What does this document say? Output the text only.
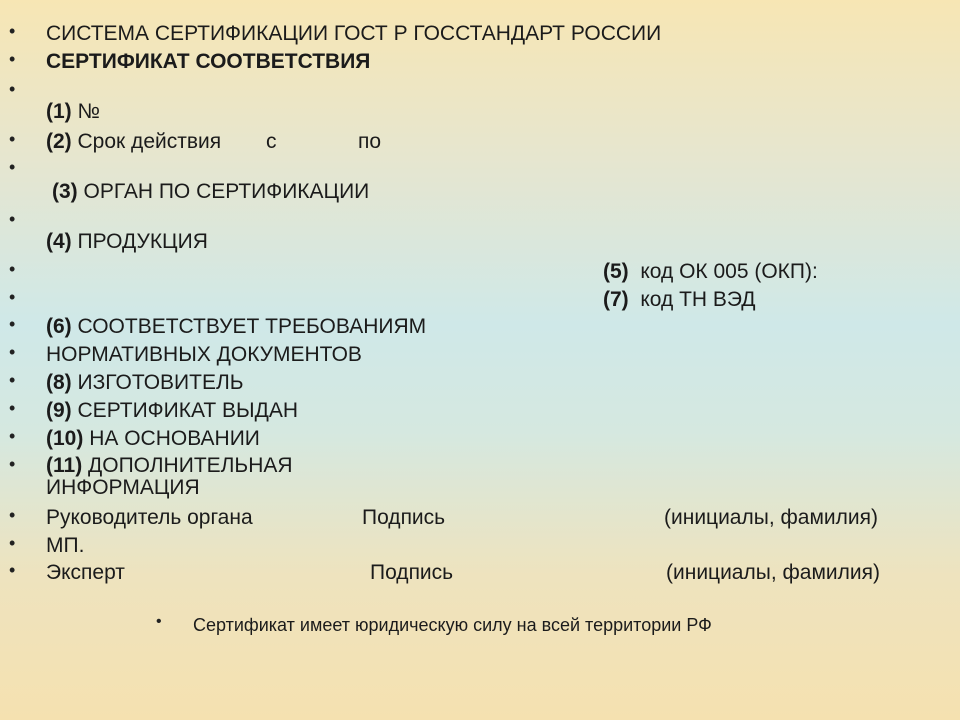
• СИСТЕМА СЕРТИФИКАЦИИ ГОСТ Р ГОССТАНДАРТ РОССИИ
• СЕРТИФИКАТ СООТВЕТСТВИЯ
•
(1) №
• (2) Срок действия с	по
•
(3) ОРГАН ПО СЕРТИФИКАЦИИ
•
(4) ПРОДУКЦИЯ
•	(5) код ОК 005 (ОКП):
•	(7) код ТН ВЭД
• (6) СООТВЕТСТВУЕТ ТРЕБОВАНИЯМ
• НОРМАТИВНЫХ ДОКУМЕНТОВ
• (8) ИЗГОТОВИТЕЛЬ
• (9) СЕРТИФИКАТ ВЫДАН
• (10) НА ОСНОВАНИИ
• (11) ДОПОЛНИТЕЛЬНАЯ
ИНФОРМАЦИЯ
• Руководитель органа	Подпись	(инициалы, фамилия)
• МП.
• Эксперт	Подпись	(инициалы, фамилия)
• Сертификат имеет юридическую силу на всей территории РФ
